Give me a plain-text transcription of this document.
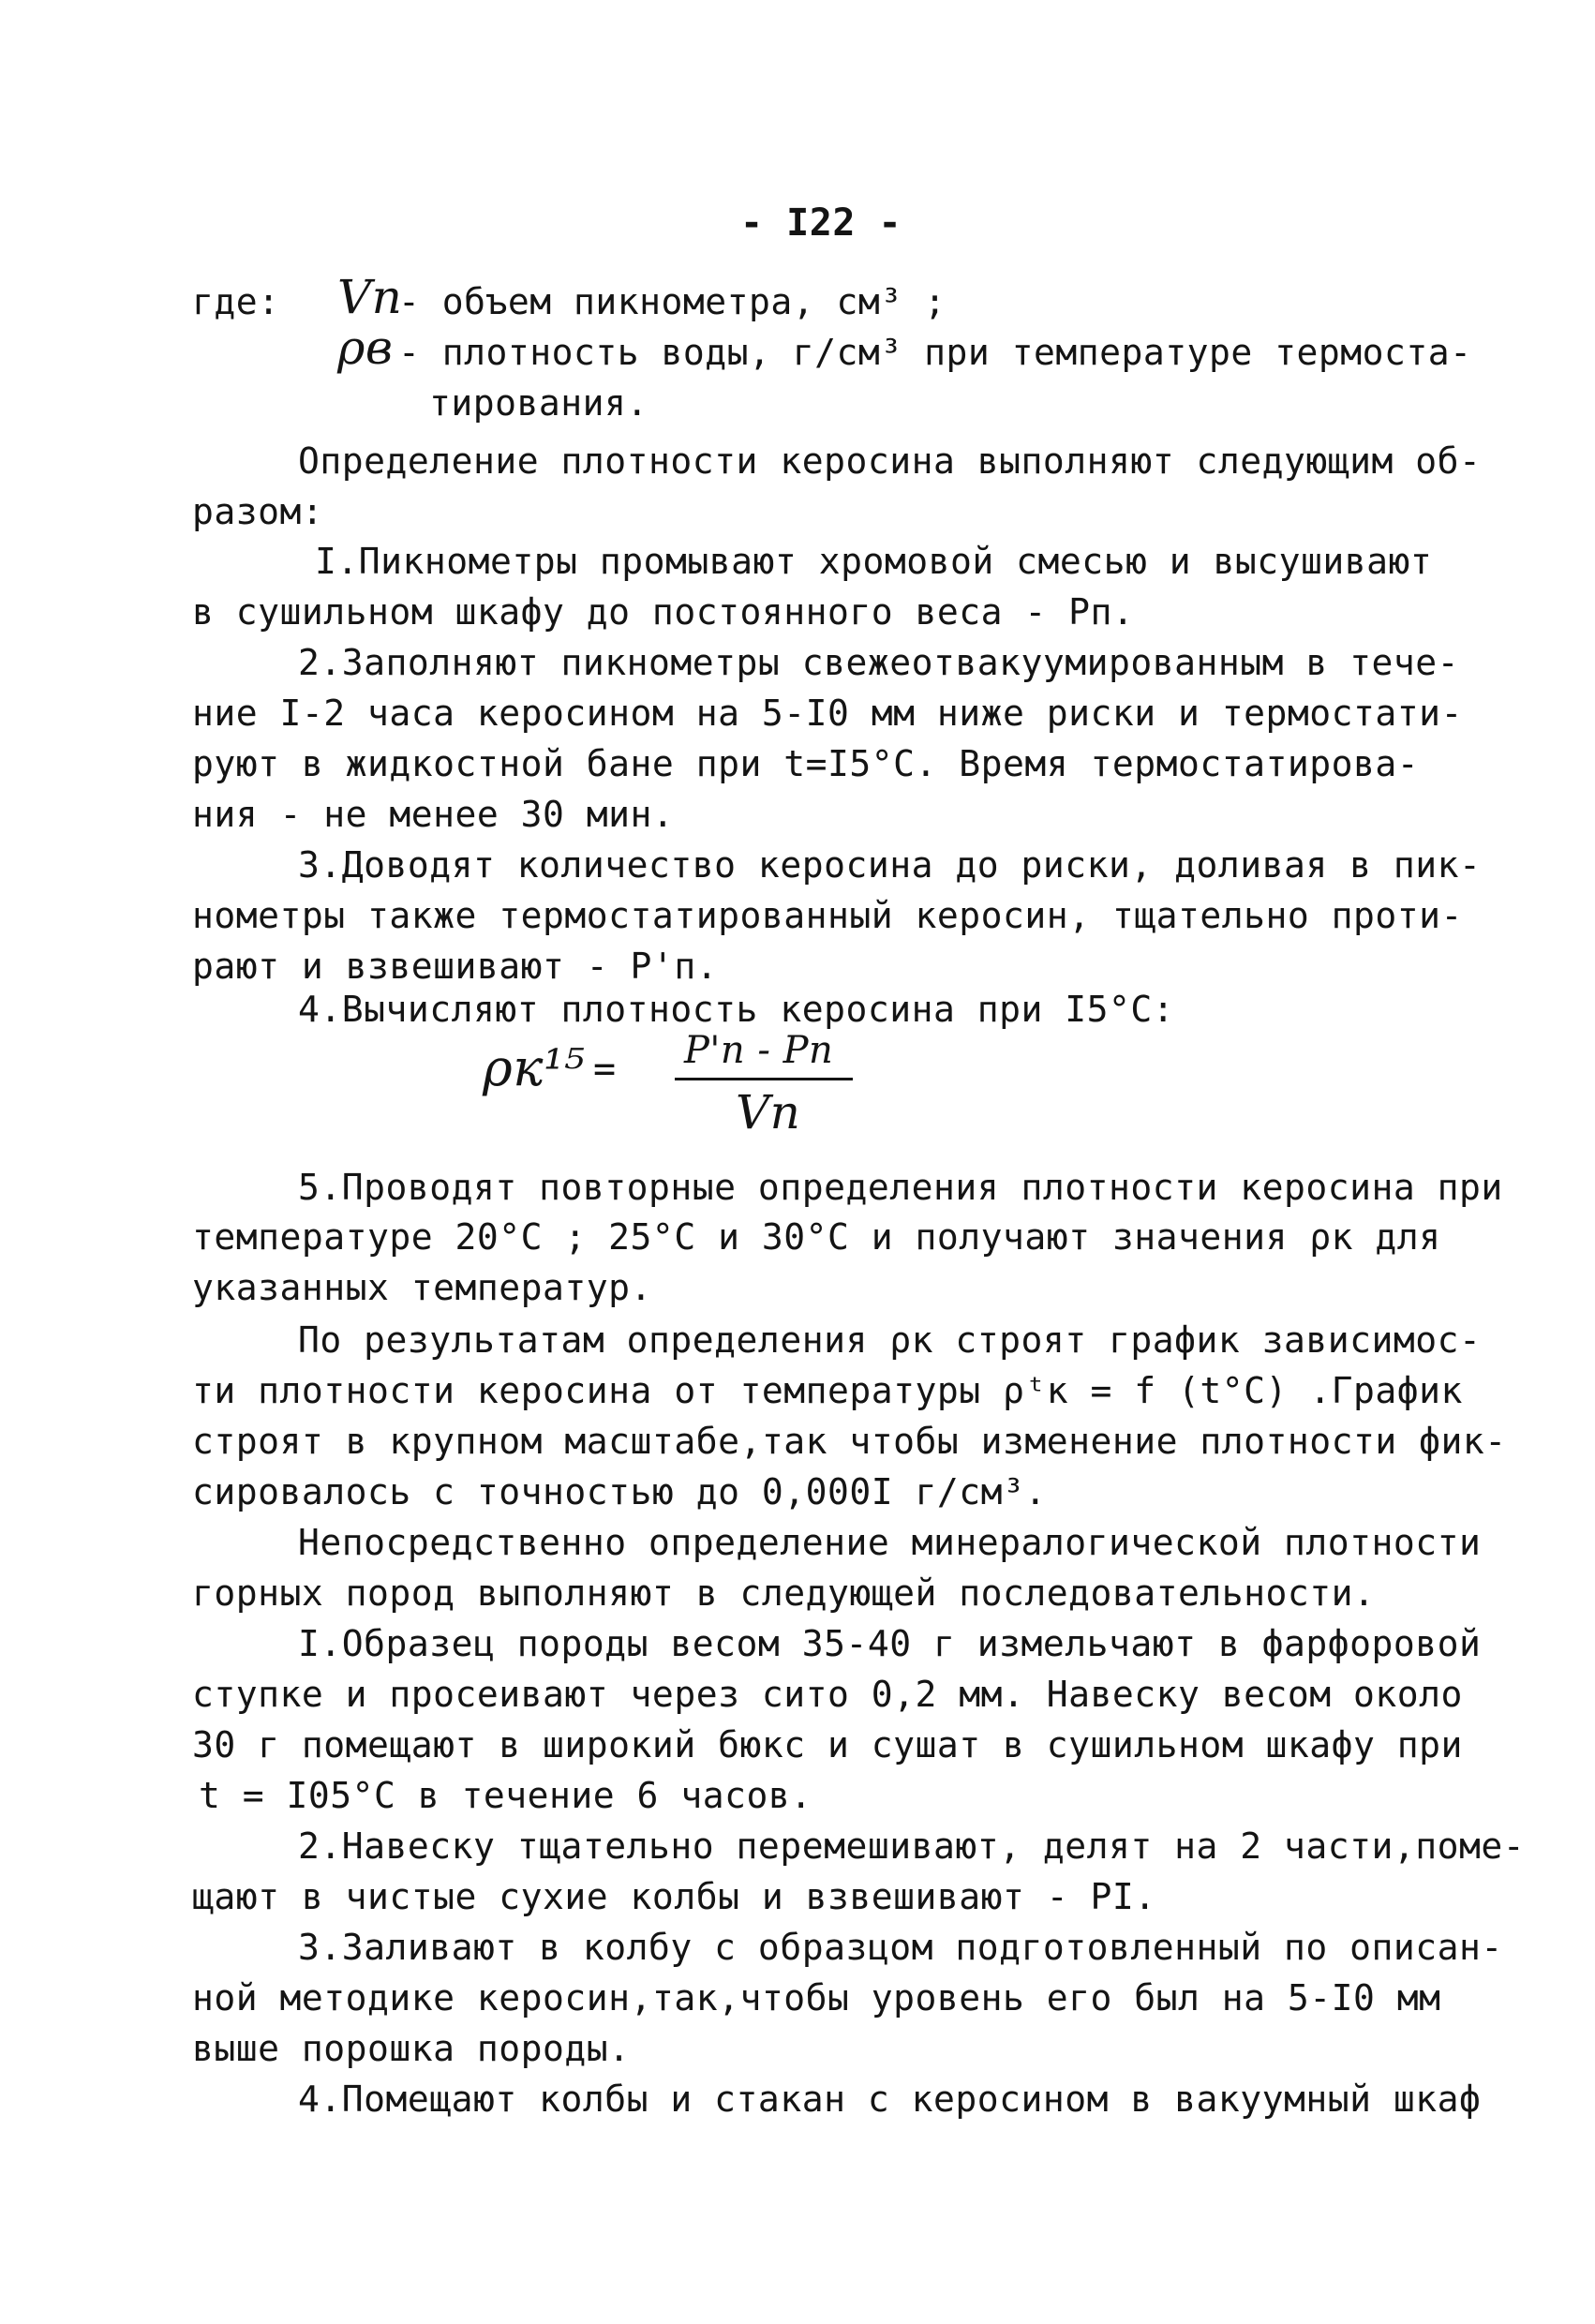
- I22 -
где: Vп
- объем пикнометра, см³ ;
ρв - плотность воды, г/см³ при температуре термоста-
тирования.
Определение плотности керосина выполняют следующим об-
разом:
I.Пикнометры промывают хромовой смесью и высушивают
в сушильном шкафу до постоянного веса - Pп.
2.Заполняют пикнометры свежеотвакуумированным в тече-
ние I-2 часа керосином на 5-I0 мм ниже риски и термостати-
руют в жидкостной бане при t=I5°C. Время термостатирова-
ния - не менее 30 мин.
3.Доводят количество керосина до риски, доливая в пик-
нометры также термостатированный керосин, тщательно проти-
рают и взвешивают - P'п.
4.Вычисляют плотность керосина при I5°C:
ρк¹⁵ = P'п - Pп
Vп
5.Проводят повторные определения плотности керосина при
температуре 20°C ; 25°C и 30°C и получают значения ρк для
указанных температур.
По результатам определения ρк строят график зависимос-
ти плотности керосина от температуры ρᵗк = f (t°C) .График
строят в крупном масштабе,так чтобы изменение плотности фик-
сировалось с точностью до 0,000I г/см³.
Непосредственно определение минералогической плотности
горных пород выполняют в следующей последовательности.
I.Образец породы весом 35-40 г измельчают в фарфоровой
ступке и просеивают через сито 0,2 мм. Навеску весом около
30 г помещают в широкий бюкс и сушат в сушильном шкафу при
t = I05°C в течение 6 часов.
2.Навеску тщательно перемешивают, делят на 2 части,поме-
щают в чистые сухие колбы и взвешивают - PI.
3.Заливают в колбу с образцом подготовленный по описан-
ной методике керосин,так,чтобы уровень его был на 5-I0 мм
выше порошка породы.
4.Помещают колбы и стакан с керосином в вакуумный шкаф
